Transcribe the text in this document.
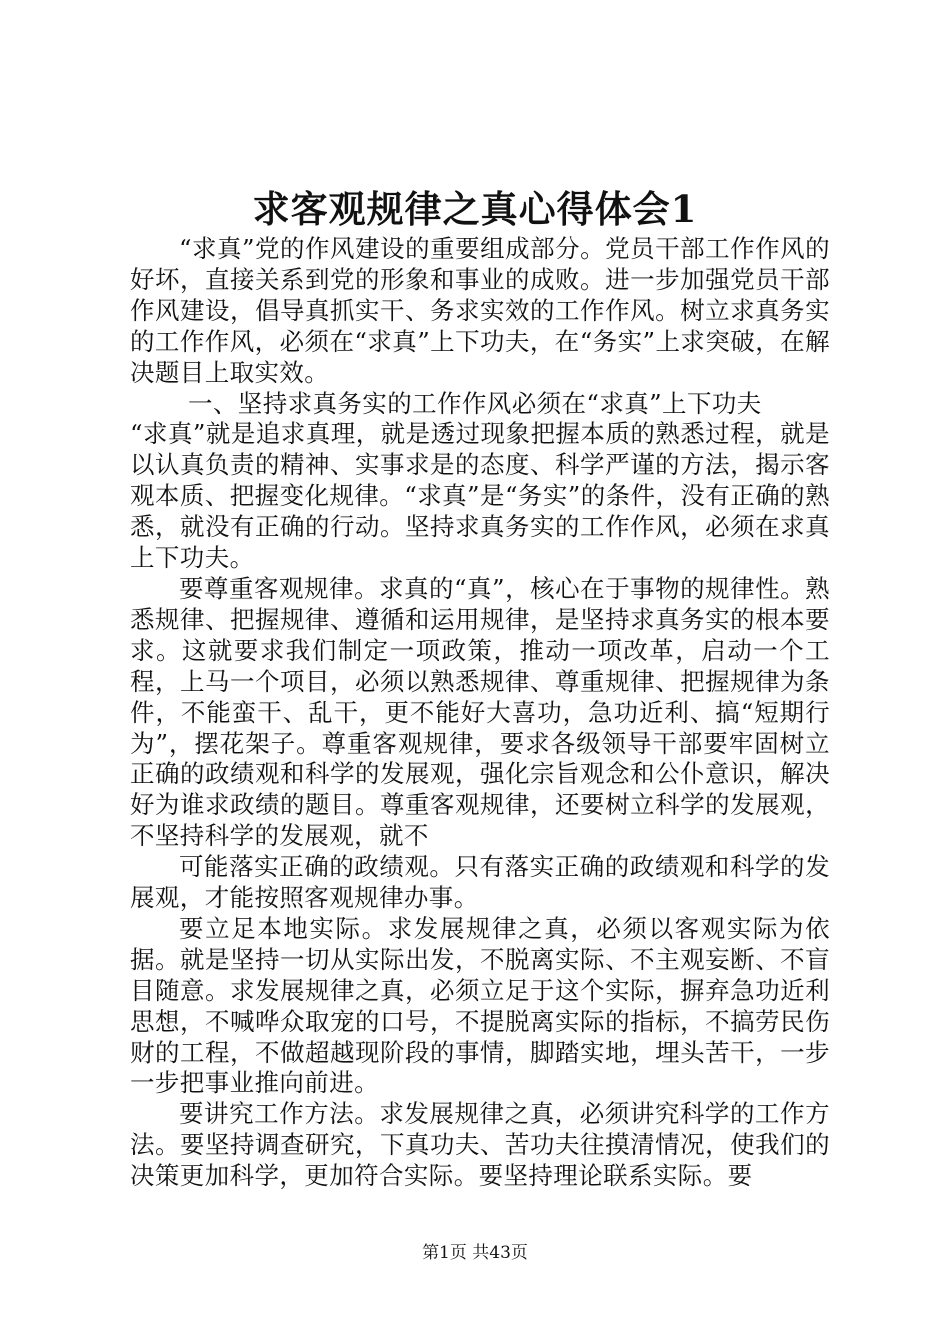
求客观规律之真心得体会1

“求真”党的作风建设的重要组成部分。党员干部工作作风的好坏，直接关系到党的形象和事业的成败。进一步加强党员干部作风建设，倡导真抓实干、务求实效的工作作风。树立求真务实的工作作风，必须在“求真”上下功夫，在“务实”上求突破，在解决题目上取实效。

一、坚持求真务实的工作作风必须在“求真”上下功夫

“求真”就是追求真理，就是透过现象把握本质的熟悉过程，就是以认真负责的精神、实事求是的态度、科学严谨的方法，揭示客观本质、把握变化规律。“求真”是“务实”的条件，没有正确的熟悉，就没有正确的行动。坚持求真务实的工作作风，必须在求真上下功夫。

要尊重客观规律。求真的“真”，核心在于事物的规律性。熟悉规律、把握规律、遵循和运用规律，是坚持求真务实的根本要求。这就要求我们制定一项政策，推动一项改革，启动一个工程，上马一个项目，必须以熟悉规律、尊重规律、把握规律为条件，不能蛮干、乱干，更不能好大喜功，急功近利、搞“短期行为”，摆花架子。尊重客观规律，要求各级领导干部要牢固树立正确的政绩观和科学的发展观，强化宗旨观念和公仆意识，解决好为谁求政绩的题目。尊重客观规律，还要树立科学的发展观，不坚持科学的发展观，就不

可能落实正确的政绩观。只有落实正确的政绩观和科学的发展观，才能按照客观规律办事。

要立足本地实际。求发展规律之真，必须以客观实际为依据。就是坚持一切从实际出发，不脱离实际、不主观妄断、不盲目随意。求发展规律之真，必须立足于这个实际，摒弃急功近利思想，不喊哗众取宠的口号，不提脱离实际的指标，不搞劳民伤财的工程，不做超越现阶段的事情，脚踏实地，埋头苦干，一步一步把事业推向前进。

要讲究工作方法。求发展规律之真，必须讲究科学的工作方法。要坚持调查研究，下真功夫、苦功夫往摸清情况，使我们的决策更加科学，更加符合实际。要坚持理论联系实际。要

第1页 共43页
